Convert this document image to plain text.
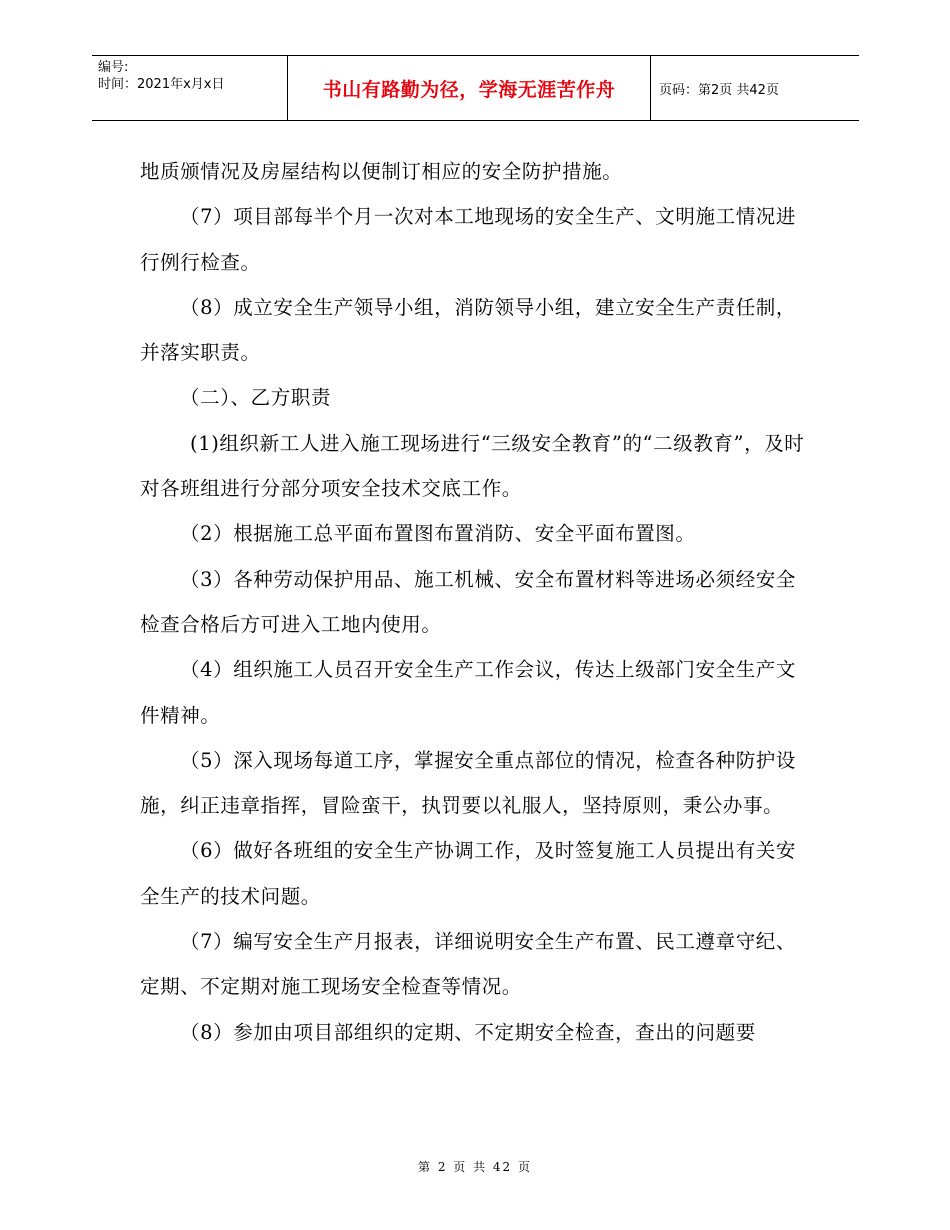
编号:
时间：2021年x月x日	书山有路勤为径，学海无涯苦作舟	页码：第2页 共42页

地质颁情况及房屋结构以便制订相应的安全防护措施。

（7）项目部每半个月一次对本工地现场的安全生产、文明施工情况进行例行检查。

（8）成立安全生产领导小组，消防领导小组，建立安全生产责任制，并落实职责。

（二）、乙方职责

(1)组织新工人进入施工现场进行“三级安全教育”的“二级教育”，及时对各班组进行分部分项安全技术交底工作。

（2）根据施工总平面布置图布置消防、安全平面布置图。

（3）各种劳动保护用品、施工机械、安全布置材料等进场必须经安全检查合格后方可进入工地内使用。

（4）组织施工人员召开安全生产工作会议，传达上级部门安全生产文件精神。

（5）深入现场每道工序，掌握安全重点部位的情况，检查各种防护设施，纠正违章指挥，冒险蛮干，执罚要以礼服人，坚持原则，秉公办事。

（6）做好各班组的安全生产协调工作，及时签复施工人员提出有关安全生产的技术问题。

（7）编写安全生产月报表，详细说明安全生产布置、民工遵章守纪、定期、不定期对施工现场安全检查等情况。

（8）参加由项目部组织的定期、不定期安全检查，查出的问题要

第 2 页 共 42 页
